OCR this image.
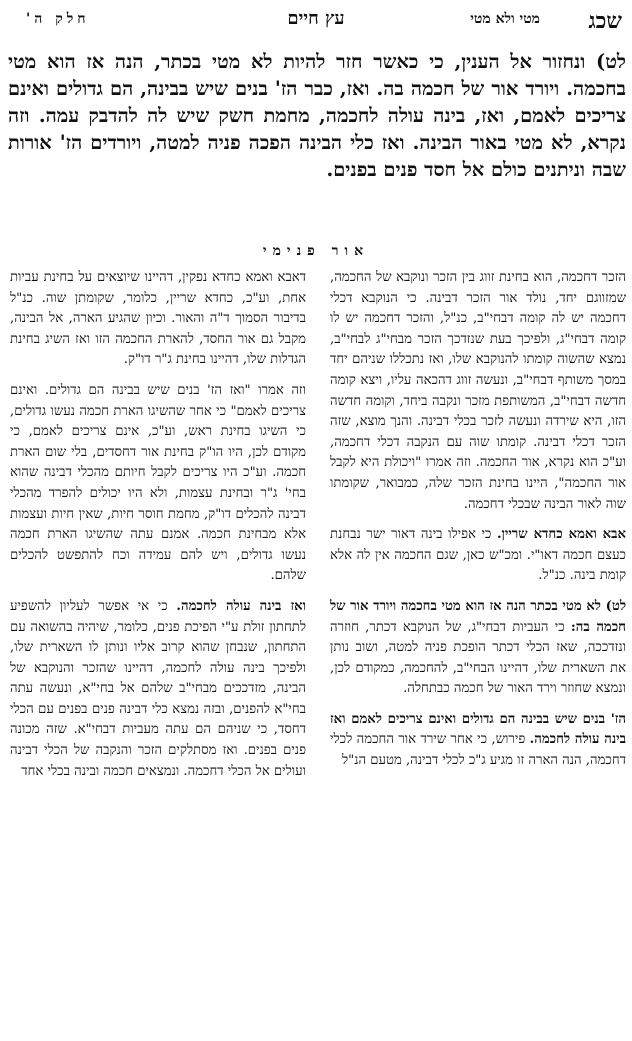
שכג
מטי ולא מטי
עץ חיים
חלק ה'

לט) ונחזור אל הענין, כי כאשר חזר להיות לא מטי בכתר, הנה אז הוא מטי בחכמה. ויורד אור של חכמה בה. ואז, כבר הז' בנים שיש בבינה, הם גדולים ואינם צריכים לאמם, ואז, בינה עולה לחכמה, מחמת חשק שיש לה להדבק עמה. וזה נקרא, לא מטי באור הבינה. ואז כלי הבינה הפכה פניה למטה, ויורדים הז' אורות שבה וניתנים כולם אל חסד פנים בפנים.

אור פנימי

הזכר דחכמה, הוא בחינת זווג בין הזכר ונוקבא של החכמה, שמזווגם יחד, נולד אור הזכר דבינה. כי הנוקבא דכלי דחכמה יש לה קומה דבחי"ב, כנ"ל, והזכר דחכמה יש לו קומה דבחי"ג, ולפיכך בעת שנזדכך הזכר מבחי"ג לבחי"ב, נמצא שהשוה קומתו להנוקבא שלו, ואז נתכללו שניהם יחד במסך משותף דבחי"ב, ונעשה זווג דהכאה עליו, ויצא קומה חדשה דבחי"ב, המשותפת מזכר ונקבה ביחד, וקומה חדשה הזו, היא שירדה ונעשה לזכר בכלי דבינה. והנך מוצא, שזה הזכר דכלי דבינה. קומתו שוה עם הנקבה דכלי דחכמה, וע"כ הוא נקרא, אור החכמה. וזה אמרו "ויכולת היא לקבל אור החכמה", היינו בחינת הזכר שלה, כמבואר, שקומתו שוה לאור הבינה שבכלי דחכמה.

אבא ואמא כחדא שריין. כי אפילו בינה דאור ישר נבחנת כעצם חכמה דאו"י. ומכ"ש כאן, שגם החכמה אין לה אלא קומת בינה. כנ"ל.

לט) לא מטי בכתר הנה אז הוא מטי בחכמה ויורד אור של חכמה בה: כי העביות דבחי"ג, של הנוקבא דכתר, חוזרה ונזדככה, שאז הכלי דכתר הופכת פניה למטה, ושוב נותן את השארית שלו, דהיינו הבחי"ב, להחכמה, כמקודם לכן, ונמצא שחוזר וירד האור של חכמה כבתחלה.

הז' בנים שיש בבינה הם גדולים ואינם צריכים לאמם ואז בינה עולה לחכמה. פירוש, כי אחר שירד אור החכמה לכלי דחכמה, הנה הארה זו מגיע ג"כ לכלי דבינה, מטעם הנ"ל

דאבא ואמא כחדא נפקין, דהיינו שיוצאים על בחינת עביות אחת, וע"כ, כחדא שריין, כלומר, שקומתן שוה. כנ"ל בדיבור הסמוך ד"ה והאור. וכיון שהגיע הארה, אל הבינה, מקבל גם אור החסד, להארת החכמה הזו ואז השיג בחינת הגדלות שלו, דהיינו בחינת ג"ר דו"ק.

וזה אמרו "ואז הז' בנים שיש בבינה הם גדולים. ואינם צריכים לאמם" כי אחר שהשיגו הארת חכמה נעשו גדולים, כי השיגו בחינת ראש, וע"כ, אינם צריכים לאמם, כי מקודם לכן, היו הו"ק בחינת אור דחסדים, בלי שום הארת חכמה. וע"כ היו צריכים לקבל חיותם מהכלי דבינה שהוא בחי' ג"ר ובחינת עצמות, ולא היו יכולים להפרד מהכלי דבינה להכלים דו"ק, מחמת חוסר חיות, שאין חיות ועצמות אלא מבחינת חכמה. אמנם עתה שהשיגו הארת חכמה נעשו גדולים, ויש להם עמידה וכח להתפשט להכלים שלהם.

ואז בינה עולה לחכמה. כי אי אפשר לעליון להשפיע לתחתון זולת ע"י הפיכת פנים, כלומר, שיהיה בהשואה עם התחתון, שנבחן שהוא קרוב אליו ונותן לו השארית שלו, ולפיכך בינה עולה לחכמה, דהיינו שהזכר והנוקבא של הבינה, מזדככים מבחי"ב שלהם אל בחי"א, ונעשה עתה בחי"א להפנים, ובזה נמצא כלי דבינה פנים בפנים עם הכלי דחסד, כי שניהם הם עתה מעביות דבחי"א. שזה מכונה פנים בפנים. ואז מסתלקים הזכר והנקבה של הכלי דבינה ועולים אל הכלי דחכמה. ונמצאים חכמה ובינה בכלי אחד
